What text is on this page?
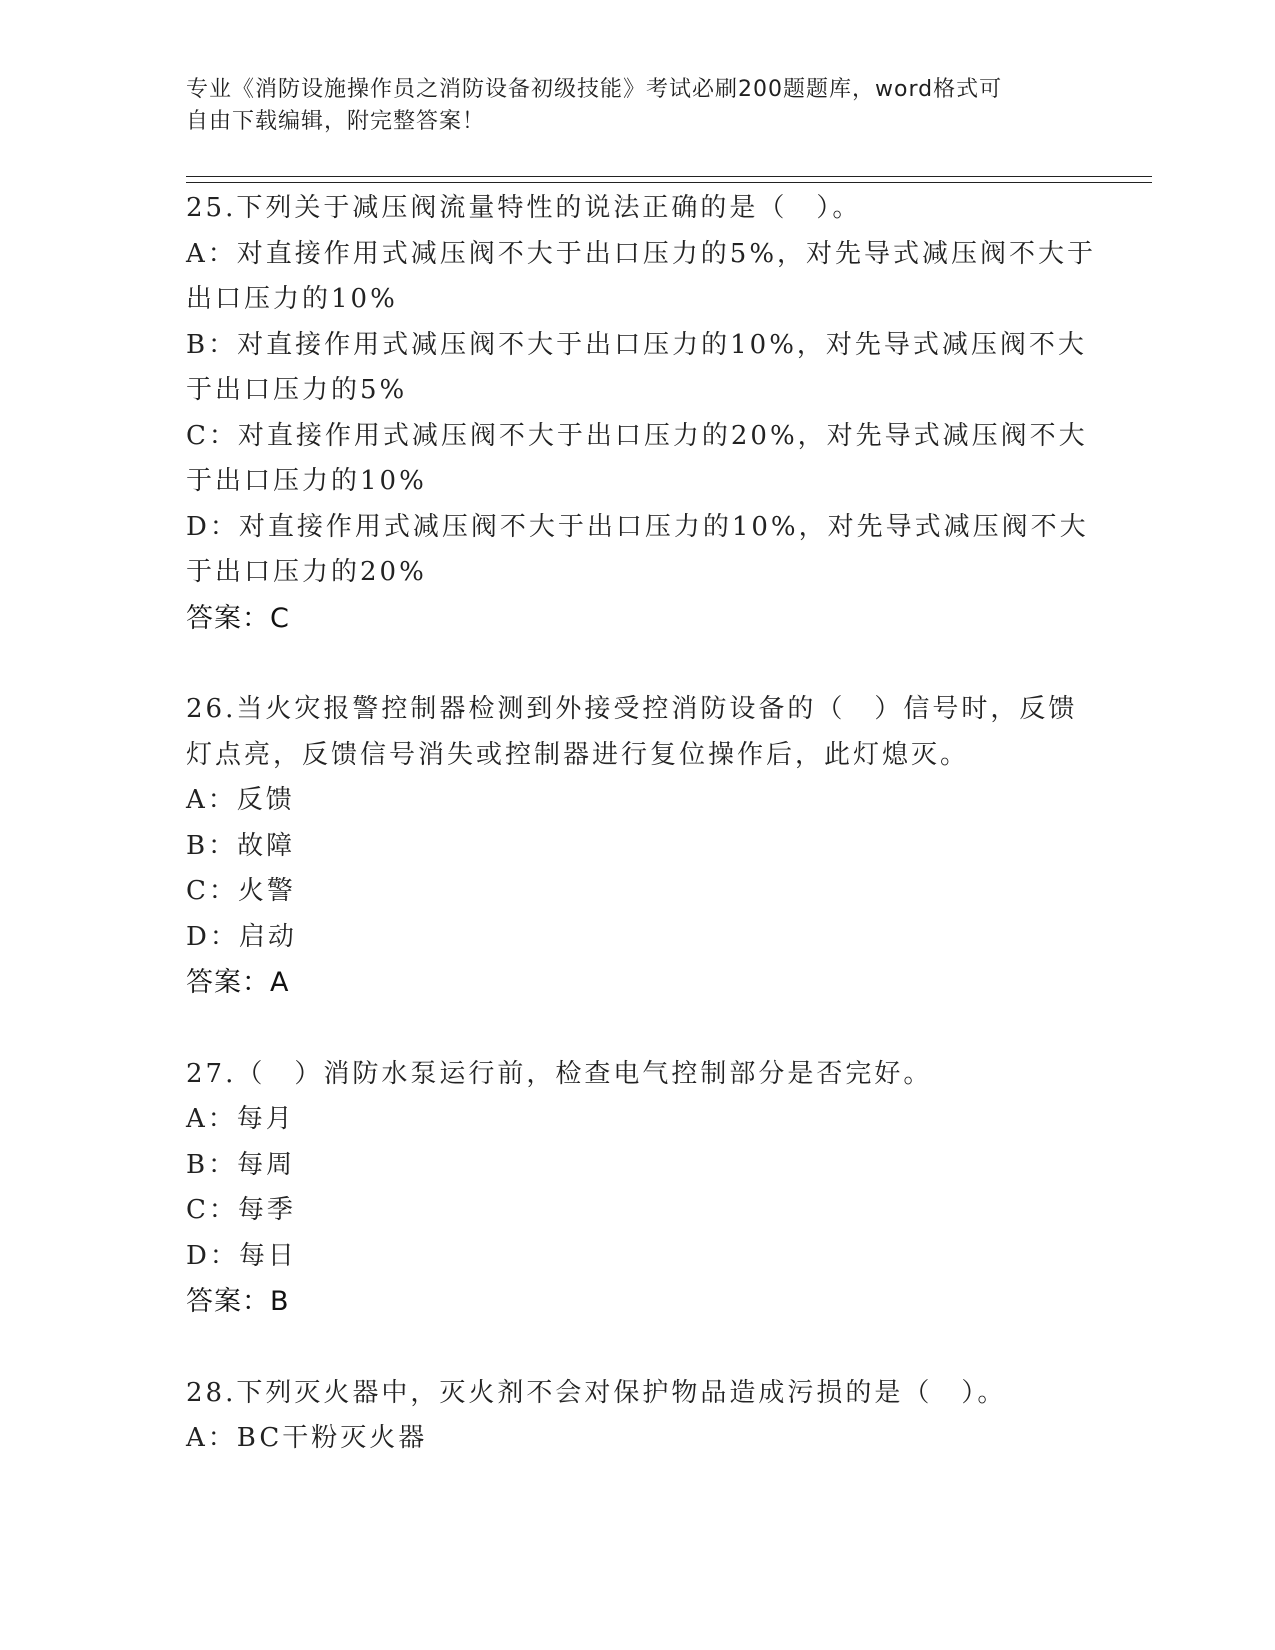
专业《消防设施操作员之消防设备初级技能》考试必刷200题题库，word格式可
自由下载编辑，附完整答案！
25.下列关于减压阀流量特性的说法正确的是（　）。
A：对直接作用式减压阀不大于出口压力的5%，对先导式减压阀不大于
出口压力的10%
B：对直接作用式减压阀不大于出口压力的10%，对先导式减压阀不大
于出口压力的5%
C：对直接作用式减压阀不大于出口压力的20%，对先导式减压阀不大
于出口压力的10%
D：对直接作用式减压阀不大于出口压力的10%，对先导式减压阀不大
于出口压力的20%
答案：C
26.当火灾报警控制器检测到外接受控消防设备的（　）信号时，反馈
灯点亮，反馈信号消失或控制器进行复位操作后，此灯熄灭。
A：反馈
B：故障
C：火警
D：启动
答案：A
27.（　）消防水泵运行前，检查电气控制部分是否完好。
A：每月
B：每周
C：每季
D：每日
答案：B
28.下列灭火器中，灭火剂不会对保护物品造成污损的是（　）。
A：BC干粉灭火器
